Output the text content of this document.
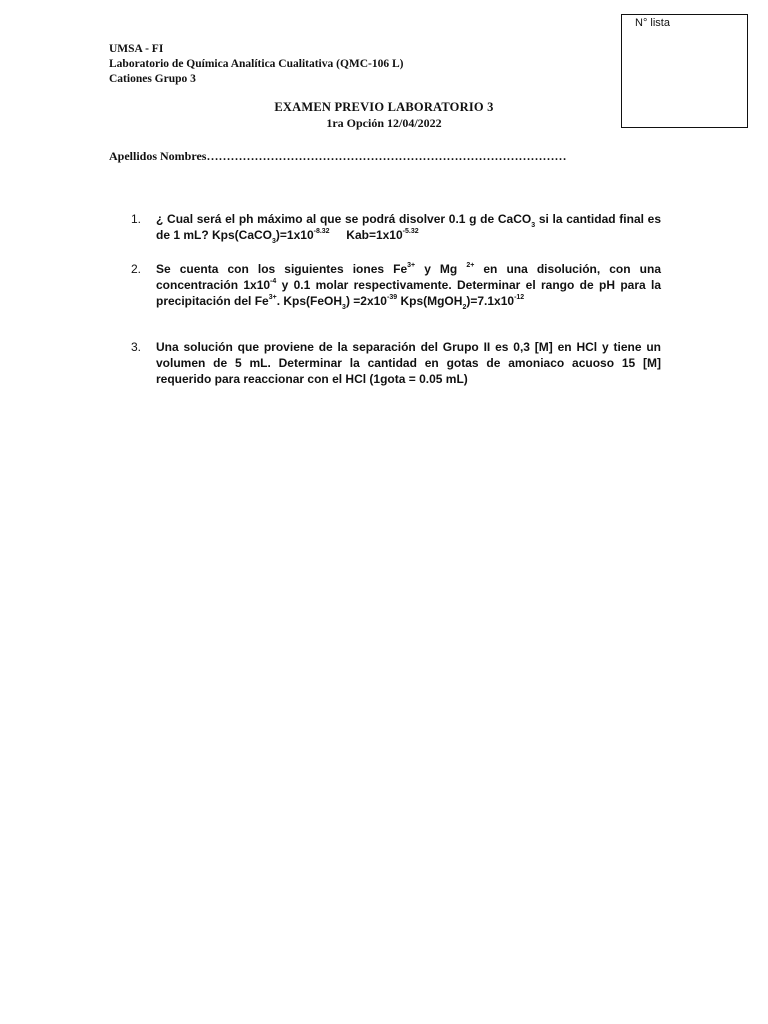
N° lista
UMSA - FI
Laboratorio de Química Analítica Cualitativa (QMC-106 L)
Cationes Grupo 3
EXAMEN PREVIO LABORATORIO 3
1ra Opción 12/04/2022
Apellidos Nombres………………………………………………………………………………
1. ¿ Cual será el ph máximo al que se podrá disolver 0.1 g de CaCO$_3$ si la cantidad final es de 1 mL? $Kps(CaCO_3)=1x10^{-8.32}$     $Kab=1x10^{-5.32}$
2. Se cuenta con los siguientes iones $Fe^{3+}$ y Mg $^{2+}$ en una disolución, con una concentración $1x10^{-4}$ y 0.1 molar respectivamente. Determinar el rango de pH para la precipitación del $Fe^{3+}$. Kps(FeOH$_3$) $=2x10^{-39}$ $Kps(MgOH_2)=7.1x10^{-12}$
3. Una solución que proviene de la separación del Grupo II es 0,3 [M] en HCl y tiene un volumen de 5 mL. Determinar la cantidad en gotas de amoniaco acuoso 15 [M] requerido para reaccionar con el HCl (1gota = 0.05 mL)
